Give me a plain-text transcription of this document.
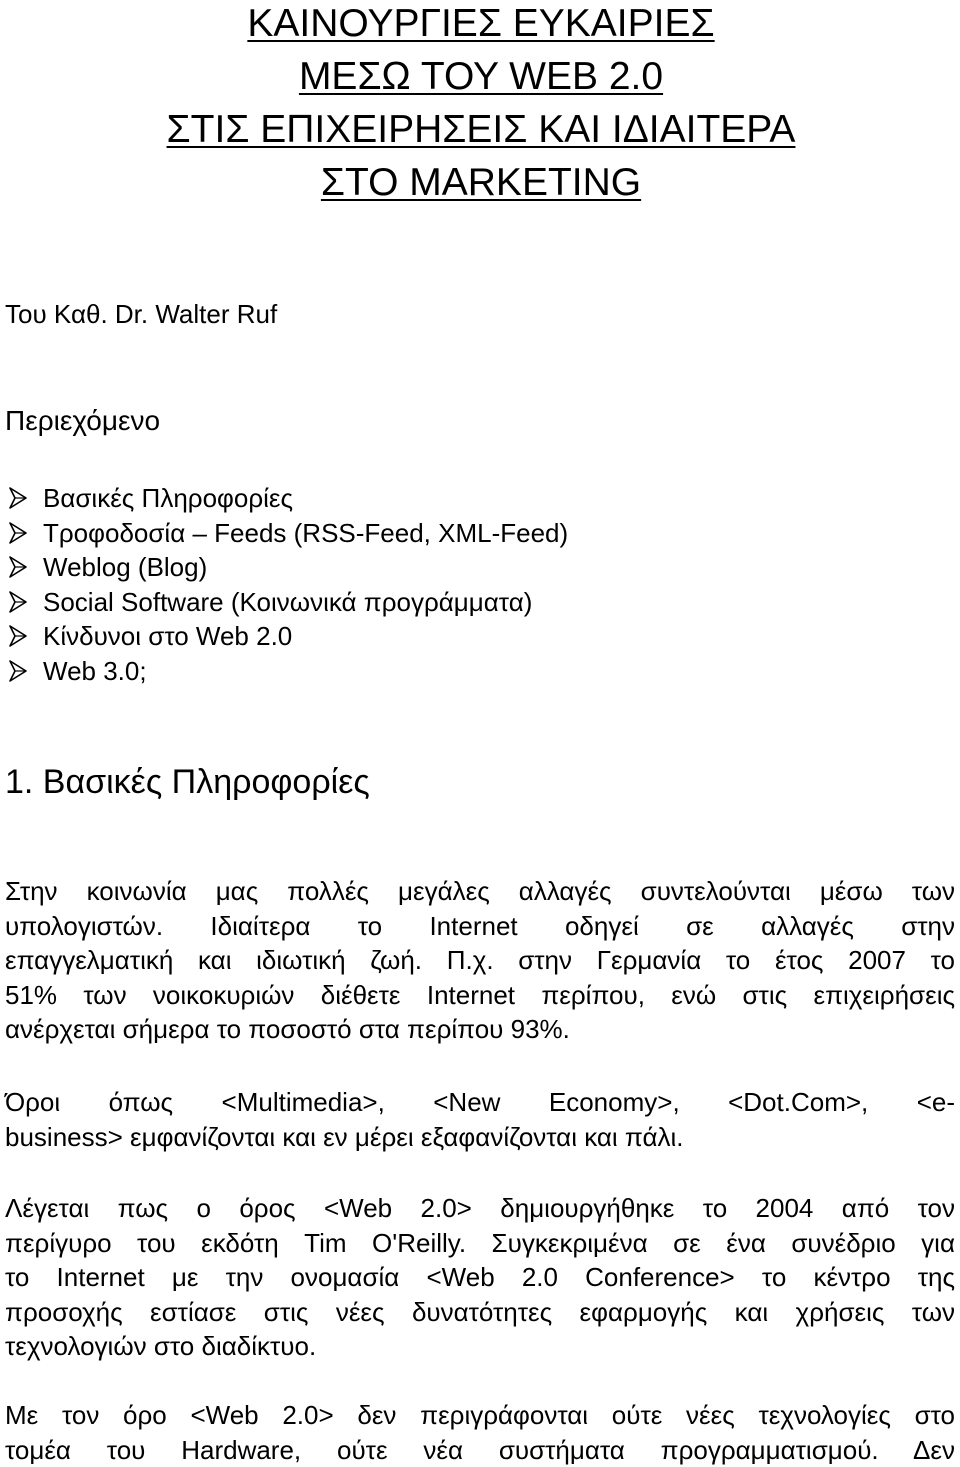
ΚΑΙΝΟΥΡΓΙΕΣ ΕΥΚΑΙΡΙΕΣ
ΜΕΣΩ ΤΟΥ WEB 2.0
ΣΤΙΣ ΕΠΙΧΕΙΡΗΣΕΙΣ ΚΑΙ ΙΔΙΑΙΤΕΡΑ
ΣΤΟ MARKETING
Του Καθ. Dr. Walter Ruf
Περιεχόμενο
Βασικές Πληροφορίες
Τροφοδοσία – Feeds (RSS-Feed, XML-Feed)
Weblog (Blog)
Social Software (Κοινωνικά προγράμματα)
Κίνδυνοι στο Web 2.0
Web 3.0;
1. Βασικές Πληροφορίες
Στην κοινωνία μας πολλές μεγάλες αλλαγές συντελούνται μέσω των
υπολογιστών. Ιδιαίτερα το Internet οδηγεί σε αλλαγές στην
επαγγελματική και ιδιωτική ζωή. Π.χ. στην Γερμανία το έτος 2007 το
51% των νοικοκυριών διέθετε Internet περίπου, ενώ στις επιχειρήσεις
ανέρχεται σήμερα το ποσοστό στα περίπου 93%.
Όροι όπως <Multimedia>, <New Economy>, <Dot.Com>, <e-
business> εμφανίζονται και εν μέρει εξαφανίζονται και πάλι.
Λέγεται πως ο όρος <Web 2.0> δημιουργήθηκε το 2004 από τον
περίγυρο του εκδότη Tim O'Reilly. Συγκεκριμένα σε ένα συνέδριο για
το Internet με την ονομασία <Web 2.0 Conference> το κέντρο της
προσοχής εστίασε στις νέες δυνατότητες εφαρμογής και χρήσεις των
τεχνολογιών στο διαδίκτυο.
Με τον όρο <Web 2.0> δεν περιγράφονται ούτε νέες τεχνολογίες στο
τομέα του Hardware, ούτε νέα συστήματα προγραμματισμού. Δεν
